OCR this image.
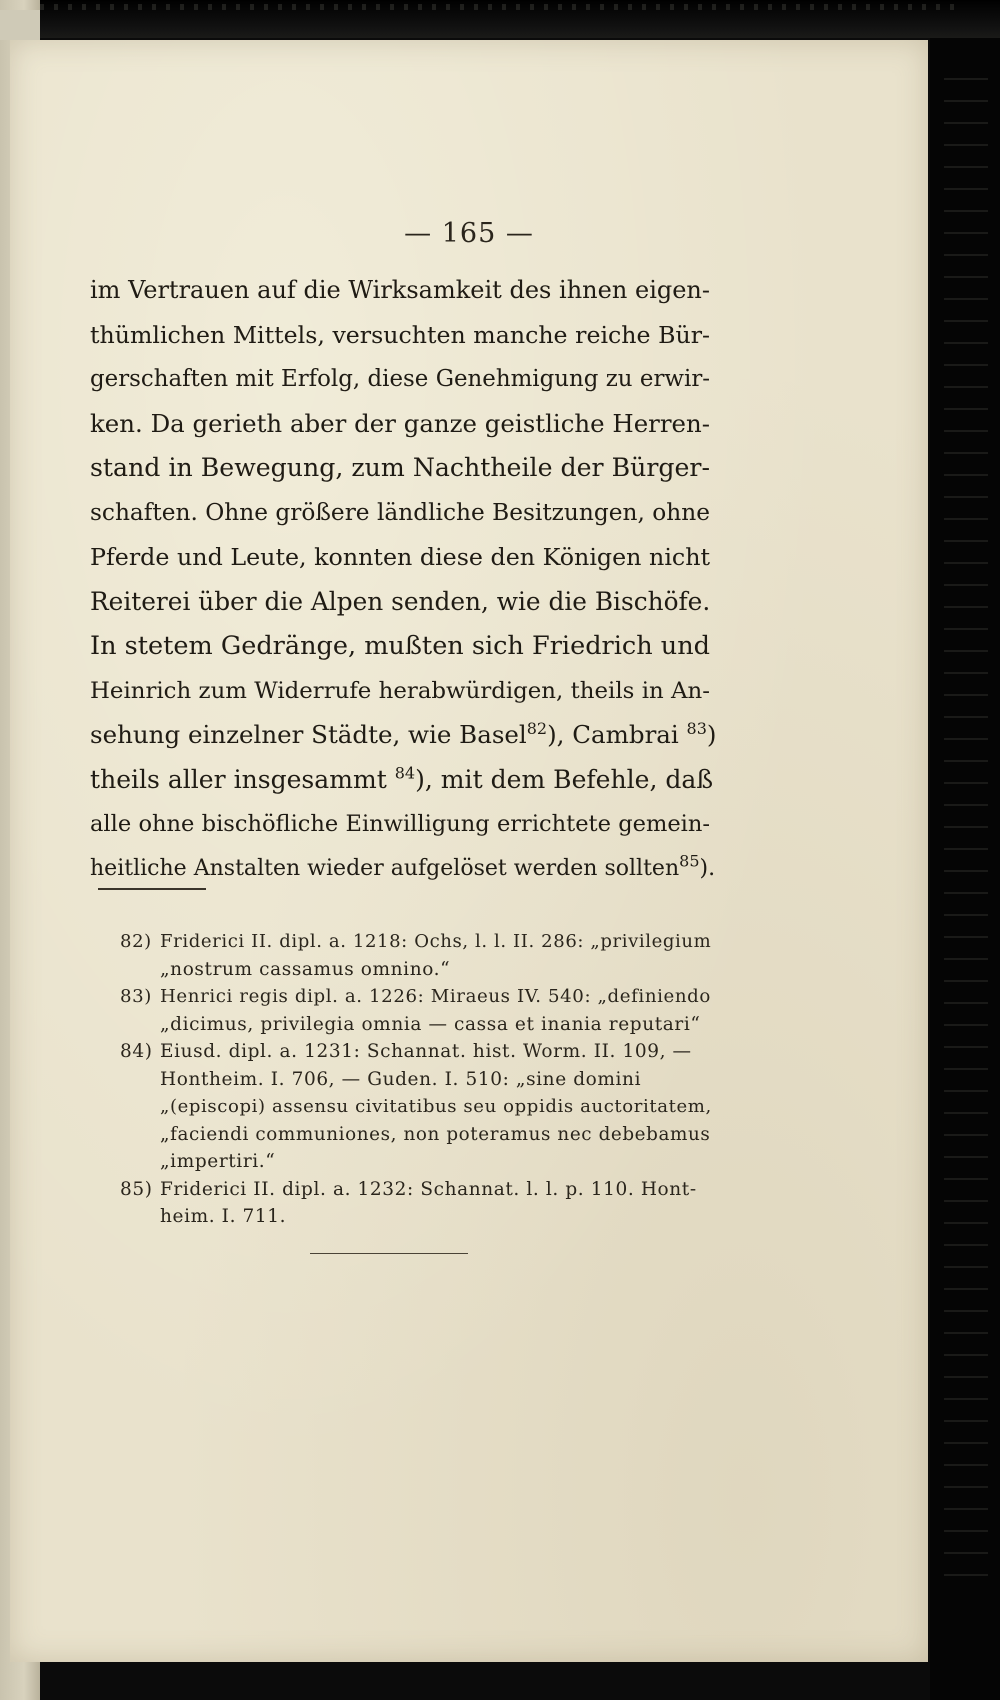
— 165 —
im Vertrauen auf die Wirksamkeit des ihnen eigen-
thümlichen Mittels, versuchten manche reiche Bür-
gerschaften mit Erfolg, diese Genehmigung zu erwir-
ken. Da gerieth aber der ganze geistliche Herren-
stand in Bewegung, zum Nachtheile der Bürger-
schaften. Ohne größere ländliche Besitzungen, ohne
Pferde und Leute, konnten diese den Königen nicht
Reiterei über die Alpen senden, wie die Bischöfe.
In stetem Gedränge, mußten sich Friedrich und
Heinrich zum Widerrufe herabwürdigen, theils in An-
sehung einzelner Städte, wie Basel$^{82}$), Cambrai $^{83}$)
theils aller insgesammt $^{84}$), mit dem Befehle, daß
alle ohne bischöfliche Einwilligung errichtete gemein-
heitliche Anstalten wieder aufgelöset werden sollten$^{85}$).
82) Friderici II. dipl. a. 1218: Ochs, l. l. II. 286: „privilegium
„nostrum cassamus omnino.“
83) Henrici regis dipl. a. 1226: Miraeus IV. 540: „definiendo
„dicimus, privilegia omnia — cassa et inania reputari“
84) Eiusd. dipl. a. 1231: Schannat. hist. Worm. II. 109, —
Hontheim. I. 706, — Guden. I. 510: „sine domini
„(episcopi) assensu civitatibus seu oppidis auctoritatem,
„faciendi communiones, non poteramus nec debebamus
„impertiri.“
85) Friderici II. dipl. a. 1232: Schannat. l. l. p. 110. Hont-
heim. I. 711.
